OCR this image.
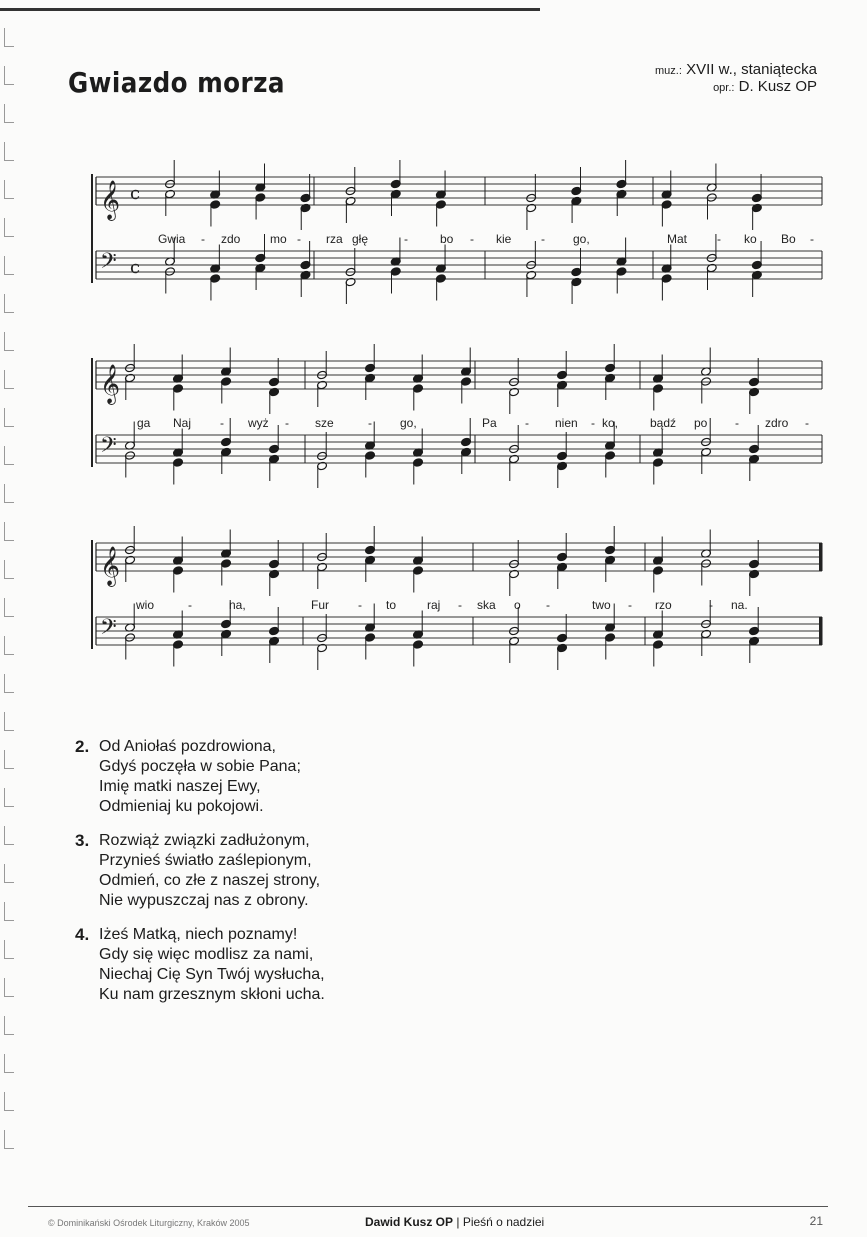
Gwiazdo morza	muz.: XVII w., staniątecka
opr.: D. Kusz OP
𝄞 c
𝄢 c
Gwia - zdo mo - rza głę	-	bo - kie - go,	Mat - ko Bo -
𝄞
𝄢
ga Naj - wyż - sze	- go,	Pa - nien - ko,	bądź po - zdro -
𝄞
𝄢
wio	-	na,	Fur - to	raj - ska o -	two - rzo	- na.
2. Od Aniołaś pozdrowiona,
Gdyś poczęła w sobie Pana;
Imię matki naszej Ewy,
Odmieniaj ku pokojowi.
3. Rozwiąż związki zadłużonym,
Przynieś światło zaślepionym,
Odmień, co złe z naszej strony,
Nie wypuszczaj nas z obrony.
4. Iżeś Matką, niech poznamy!
Gdy się więc modlisz za nami,
Niechaj Cię Syn Twój wysłucha,
Ku nam grzesznym skłoni ucha.
© Dominikański Ośrodek Liturgiczny, Kraków 2005	Dawid Kusz OP | Pieśń o nadziei	21
